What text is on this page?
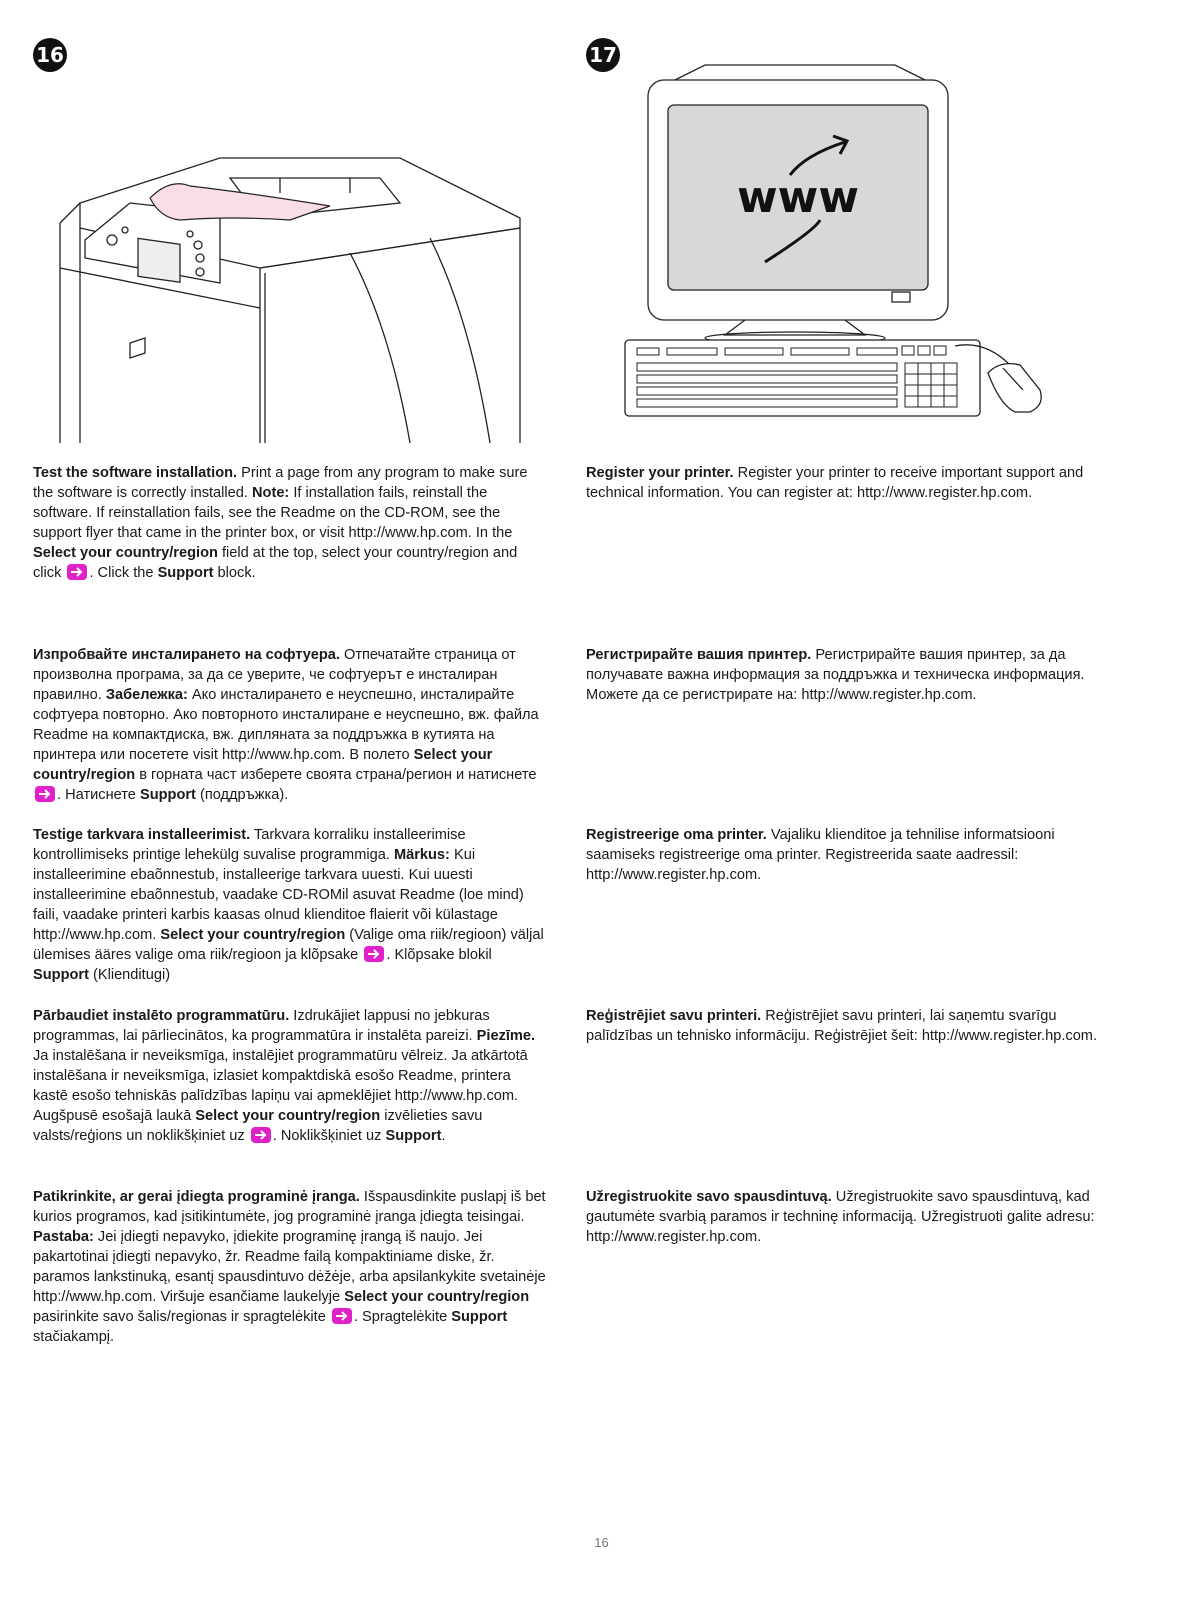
16	17
www

Test the software installation. Print a page from any program to make sure the software is correctly installed. Note: If installation fails, reinstall the software. If reinstallation fails, see the Readme on the CD-ROM, see the support flyer that came in the printer box, or visit http://www.hp.com. In the Select your country/region field at the top, select your country/region and click
. Click the Support block.

Изпробвайте инсталирането на софтуера. Отпечатайте страница от произволна програма, за да се уверите, че софтуерът е инсталиран правилно. Забележка: Ако инсталирането е неуспешно, инсталирайте софтуера повторно. Ако повторното инсталиране е неуспешно, вж. файла Readme на компактдиска, вж. дипляната за поддръжка в кутията на принтера или посетете visit http://www.hp.com. В полето Select your country/region в горната част изберете своята страна/регион и натиснете
. Натиснете Support (поддръжка).

Testige tarkvara installeerimist. Tarkvara korraliku installeerimise kontrollimiseks printige lehekülg suvalise programmiga. Märkus: Kui installeerimine ebaõnnestub, installeerige tarkvara uuesti. Kui uuesti installeerimine ebaõnnestub, vaadake CD-ROMil asuvat Readme (loe mind) faili, vaadake printeri karbis kaasas olnud klienditoe flaierit või külastage http://www.hp.com. Select your country/region (Valige oma riik/regioon) väljal ülemises ääres valige oma riik/regioon ja klõpsake
. Klõpsake blokil Support (Klienditugi)

Pārbaudiet instalēto programmatūru. Izdrukājiet lappusi no jebkuras programmas, lai pārliecinātos, ka programmatūra ir instalēta pareizi. Piezīme. Ja instalēšana ir neveiksmīga, instalējiet programmatūru vēlreiz. Ja atkārtotā instalēšana ir neveiksmīga, izlasiet kompaktdiskā esošo Readme, printera kastē esošo tehniskās palīdzības lapiņu vai apmeklējiet http://www.hp.com. Augšpusē esošajā laukā Select your country/region izvēlieties savu valsts/reģions un noklikšķiniet uz
. Noklikšķiniet uz Support.

Patikrinkite, ar gerai įdiegta programinė įranga. Išspausdinkite puslapį iš bet kurios programos, kad įsitikintumėte, jog programinė įranga įdiegta teisingai. Pastaba: Jei įdiegti nepavyko, įdiekite programinę įrangą iš naujo. Jei pakartotinai įdiegti nepavyko, žr. Readme failą kompaktiniame diske, žr. paramos lankstinuką, esantį spausdintuvo dėžėje, arba apsilankykite svetainėje http://www.hp.com. Viršuje esančiame laukelyje Select your country/region pasirinkite savo šalis/regionas ir spragtelėkite
. Spragtelėkite Support stačiakampį.

Register your printer. Register your printer to receive important support and technical information. You can register at: http://www.register.hp.com.

Регистрирайте вашия принтер. Регистрирайте вашия принтер, за да получавате важна информация за поддръжка и техническа информация. Можете да се регистрирате на: http://www.register.hp.com.

Registreerige oma printer. Vajaliku klienditoe ja tehnilise informatsiooni saamiseks registreerige oma printer. Registreerida saate aadressil: http://www.register.hp.com.

Reģistrējiet savu printeri. Reģistrējiet savu printeri, lai saņemtu svarīgu palīdzības un tehnisko informāciju. Reģistrējiet šeit: http://www.register.hp.com.

Užregistruokite savo spausdintuvą. Užregistruokite savo spausdintuvą, kad gautumėte svarbią paramos ir techninę informaciją. Užregistruoti galite adresu: http://www.register.hp.com.

16
